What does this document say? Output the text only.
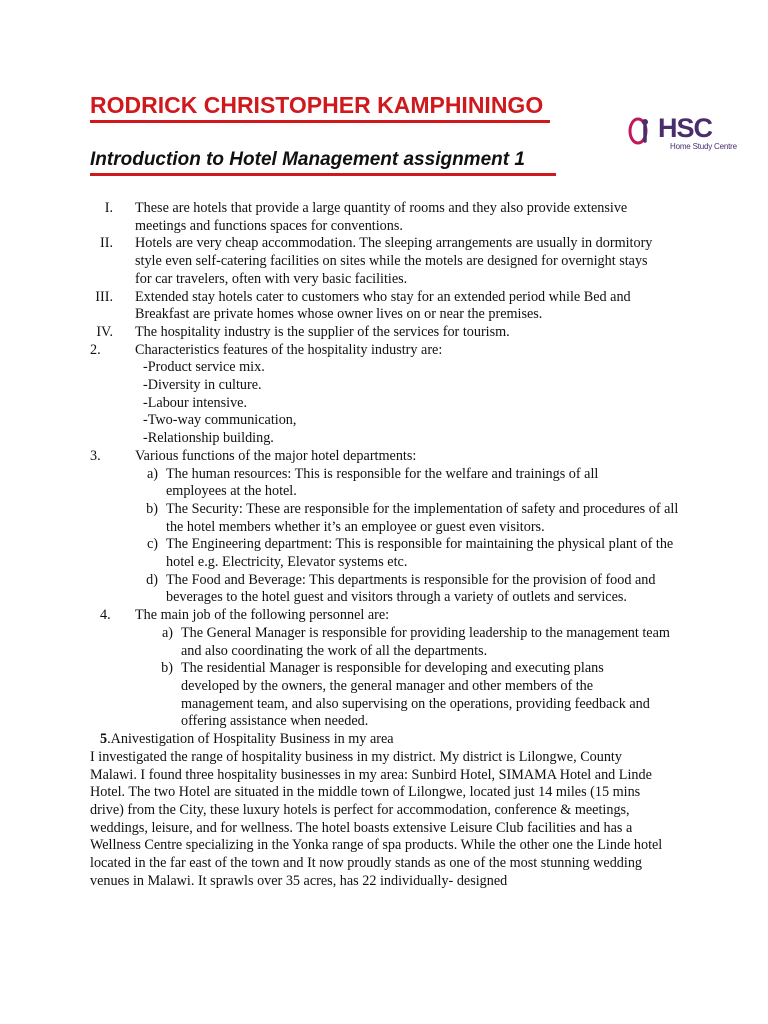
RODRICK CHRISTOPHER KAMPHININGO
Introduction to Hotel Management assignment 1
HSC
Home Study Centre
I. These are hotels that provide a large quantity of rooms and they also provide extensive meetings and functions spaces for conventions.
II. Hotels are very cheap accommodation. The sleeping arrangements are usually in dormitory style even self-catering facilities on sites while the motels are designed for overnight stays for car travelers, often with very basic facilities.
III. Extended stay hotels cater to customers who stay for an extended period while Bed and Breakfast are private homes whose owner lives on or near the premises.
IV. The hospitality industry is the supplier of the services for tourism.
2.	Characteristics features of the hospitality industry are:
-Product service mix.
-Diversity in culture.
-Labour intensive.
-Two-way communication,
-Relationship building.
3.	Various functions of the major hotel departments:
a) The human resources: This is responsible for the welfare and trainings of all employees at the hotel.
b) The Security: These are responsible for the implementation of safety and procedures of all the hotel members whether it’s an employee or guest even visitors.
c) The Engineering department: This is responsible for maintaining the physical plant of the hotel e.g. Electricity, Elevator systems etc.
d) The Food and Beverage: This departments is responsible for the provision of food and beverages to the hotel guest and visitors through a variety of outlets and services.
4.	The main job of the following personnel are:
a) The General Manager is responsible for providing leadership to the management team and also coordinating the work of all the departments.
b) The residential Manager is responsible for developing and executing plans developed by the owners, the general manager and other members of the management team, and also supervising on the operations, providing feedback and offering assistance when needed.
5.Anivestigation of Hospitality Business in my area

I investigated the range of hospitality business in my district. My district is Lilongwe, County Malawi. I found three hospitality businesses in my area: Sunbird Hotel, SIMAMA Hotel and Linde Hotel. The two Hotel are situated in the middle town of Lilongwe, located just 14 miles (15 mins drive) from the City, these luxury hotels is perfect for accommodation, conference & meetings, weddings, leisure, and for wellness. The hotel boasts extensive Leisure Club facilities and has a Wellness Centre specializing in the Yonka range of spa products. While the other one the Linde hotel located in the far east of the town and It now proudly stands as one of the most stunning wedding venues in Malawi. It sprawls over 35 acres, has 22 individually- designed
